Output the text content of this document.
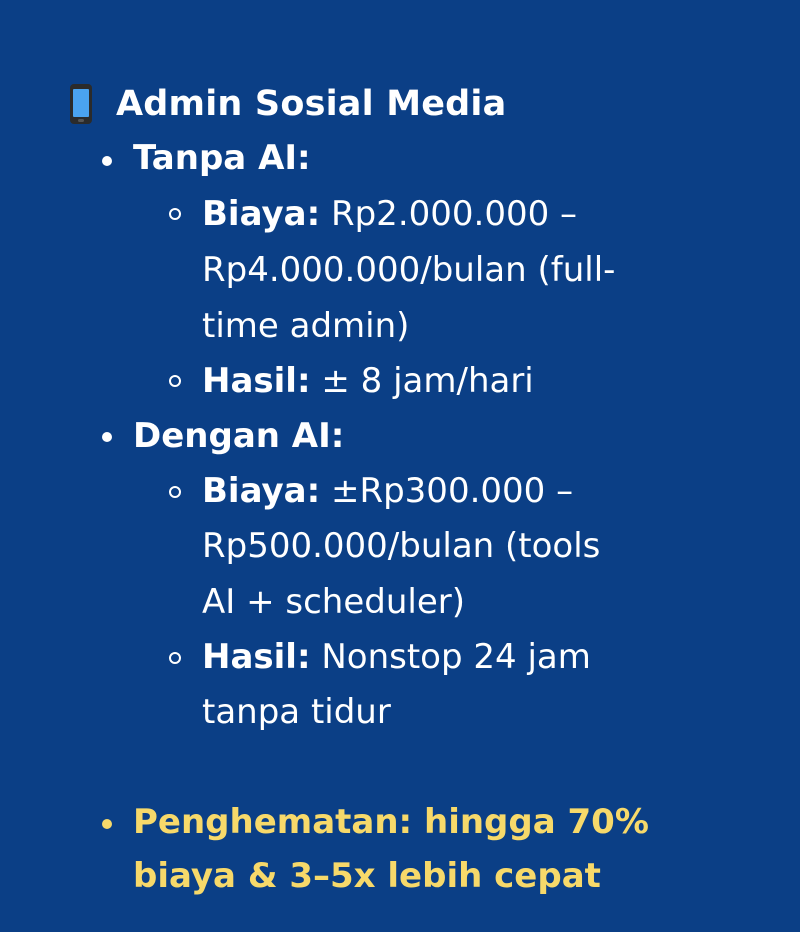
Admin Sosial Media
Tanpa AI:
Biaya: Rp2.000.000 –
Rp4.000.000/bulan (full-
time admin)
Hasil: ± 8 jam/hari
Dengan AI:
Biaya: ±Rp300.000 –
Rp500.000/bulan (tools
AI + scheduler)
Hasil: Nonstop 24 jam
tanpa tidur
Penghematan: hingga 70%
biaya & 3–5x lebih cepat
